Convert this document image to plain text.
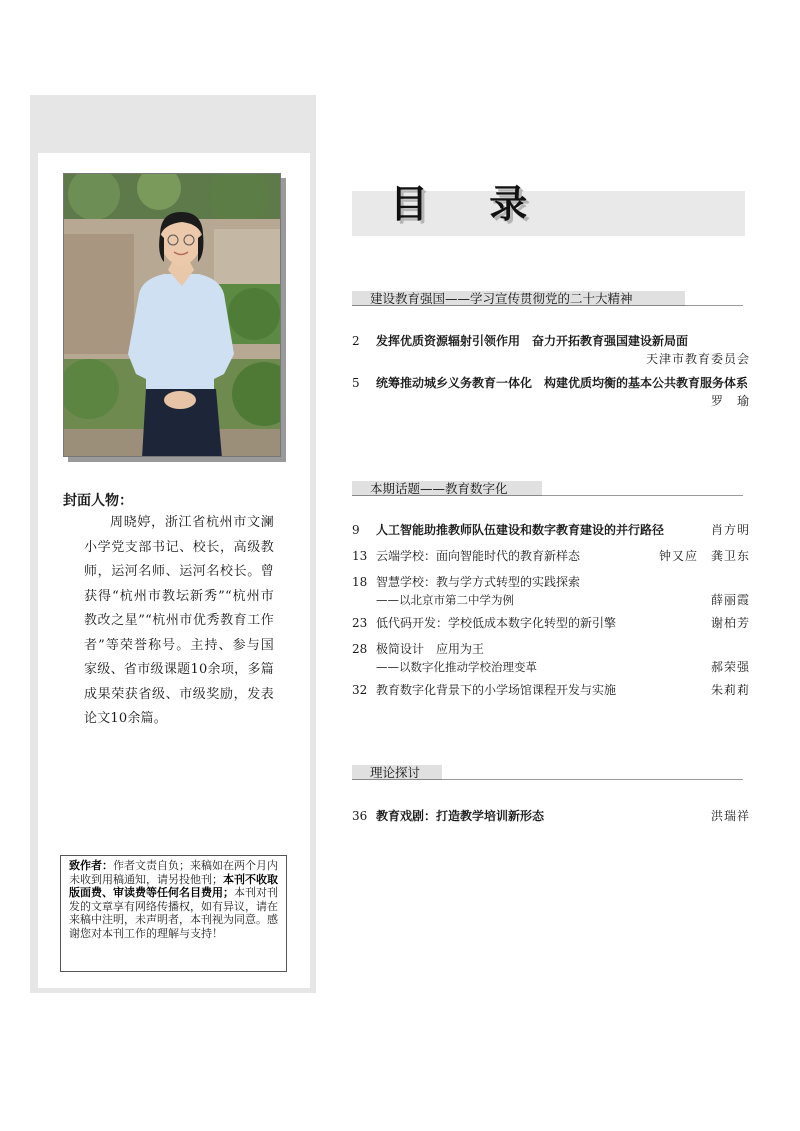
封面人物：
周晓婷，浙江省杭州市文澜小学党支部书记、校长，高级教师，运河名师、运河名校长。曾获得“杭州市教坛新秀”“杭州市教改之星”“杭州市优秀教育工作者”等荣誉称号。主持、参与国家级、省市级课题10余项，多篇成果荣获省级、市级奖励，发表论文10余篇。
致作者：作者文责自负；来稿如在两个月内未收到用稿通知，请另投他刊；本刊不收取版面费、审读费等任何名目费用；本刊对刊发的文章享有网络传播权，如有异议，请在来稿中注明，未声明者，本刊视为同意。感谢您对本刊工作的理解与支持！
目 录
建设教育强国——学习宣传贯彻党的二十大精神
2	发挥优质资源辐射引领作用　奋力开拓教育强国建设新局面
天津市教育委员会
5	统筹推动城乡义务教育一体化　构建优质均衡的基本公共教育服务体系
罗　瑜
本期话题——教育数字化
9	人工智能助推教师队伍建设和数字教育建设的并行路径	肖方明
13 云端学校：面向智能时代的教育新样态	钟又应　龚卫东
18 智慧学校：教与学方式转型的实践探索
——以北京市第二中学为例	薛丽霞
23 低代码开发：学校低成本数字化转型的新引擎	谢柏芳
28 极简设计　应用为王
——以数字化推动学校治理变革	郝荣强
32 教育数字化背景下的小学场馆课程开发与实施	朱莉莉
理论探讨
36 教育戏剧：打造教学培训新形态	洪瑞祥
